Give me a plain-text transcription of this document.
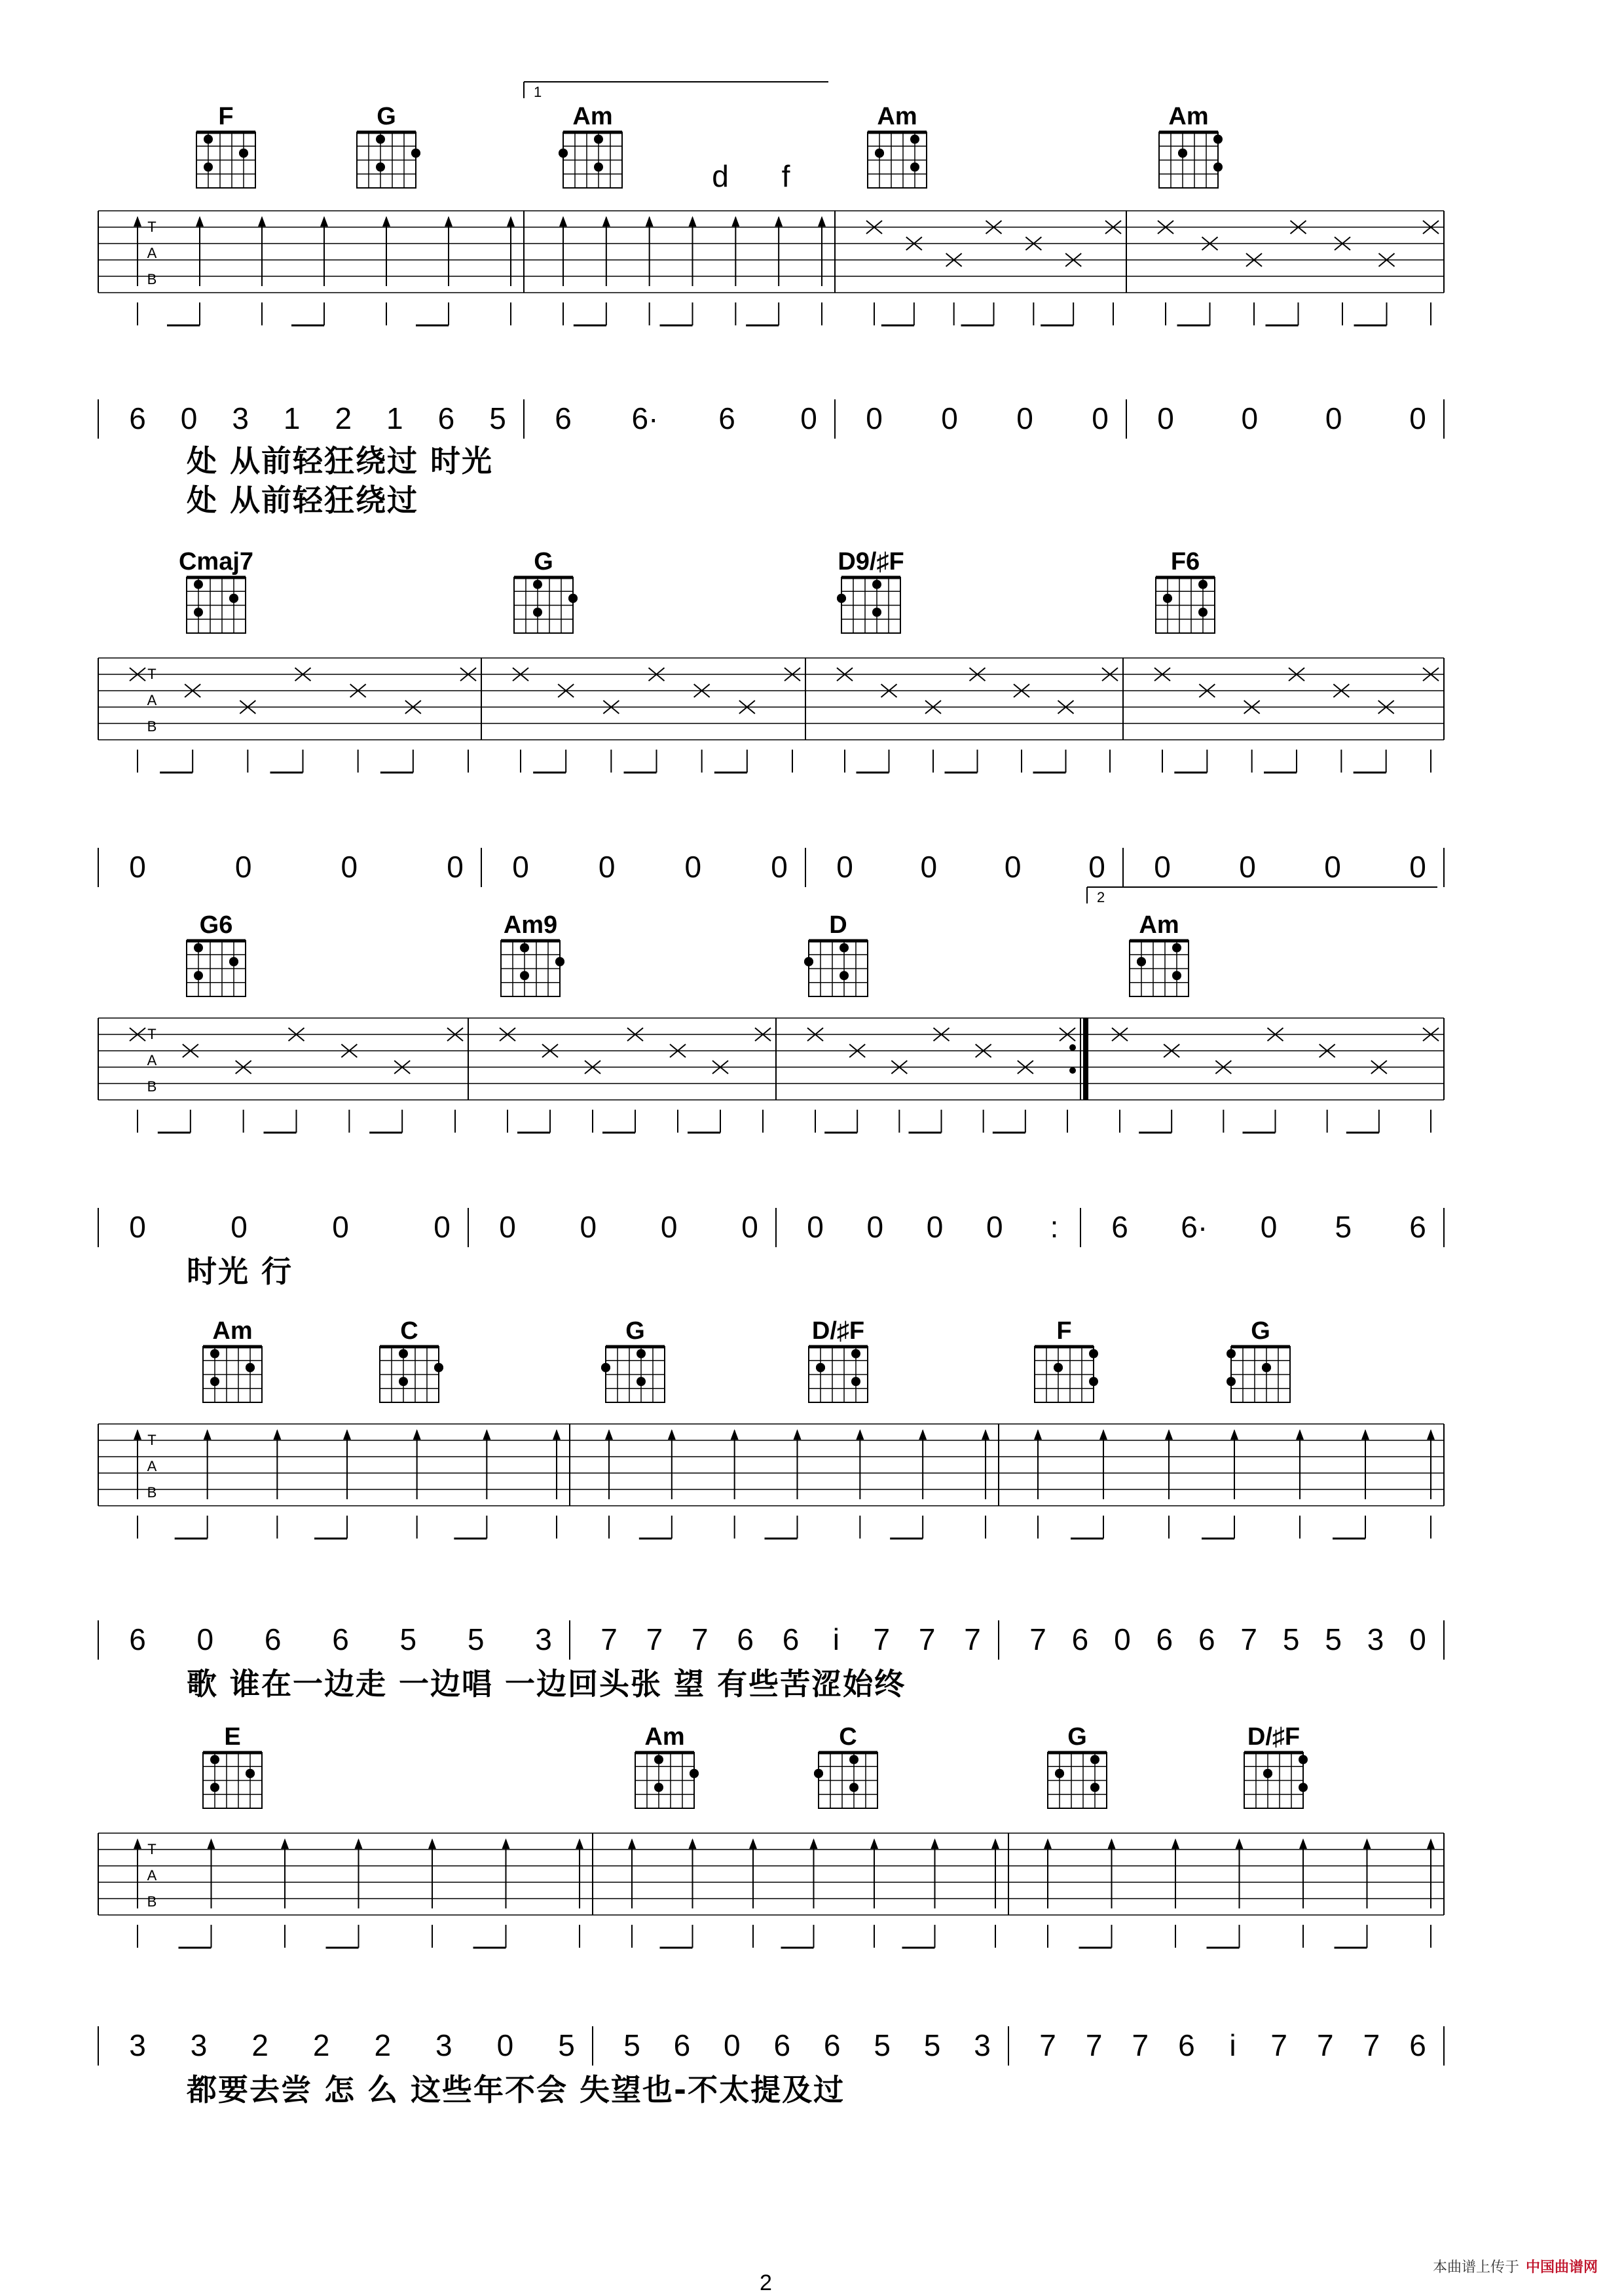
F	G	Am	Am	Am
T
A
B
6 0 3 1 2 1 6 5 6 6· 6 0 0 0 0 0 0 0 0 0
处 从前轻狂绕过 时光
处 从前轻狂绕过
Cmaj7	G	D9/♯F	F6
T
A
B
0	0	0	0 0 0 0 0 0 0 0 0 0 0 0 0
G6	Am9	D	Am
T
A
B
0	0	0	0 0 0 0 0 0 0 0 0 : 6 6· 0 5 6
时光 行
Am	C	G	D/♯F	F	G
T
A
B
6 0 6 6 5 5 3 7 7 7 6 6 i 7 7 7 7 6 0 6 6 7 5 5 3 0
歌 谁在一边走 一边唱 一边回头张 望 有些苦涩始终
E	Am	C	G	D/♯F
T
A
B
3 3 2 2 2 3 0 5 5 6 0 6 6 5 5 3 7 7 7 6 i 7 7 7 6
都要去尝 怎 么 这些年不会 失望也-不太提及过
1
2
d f
本曲谱上传于 中国曲谱网
2
